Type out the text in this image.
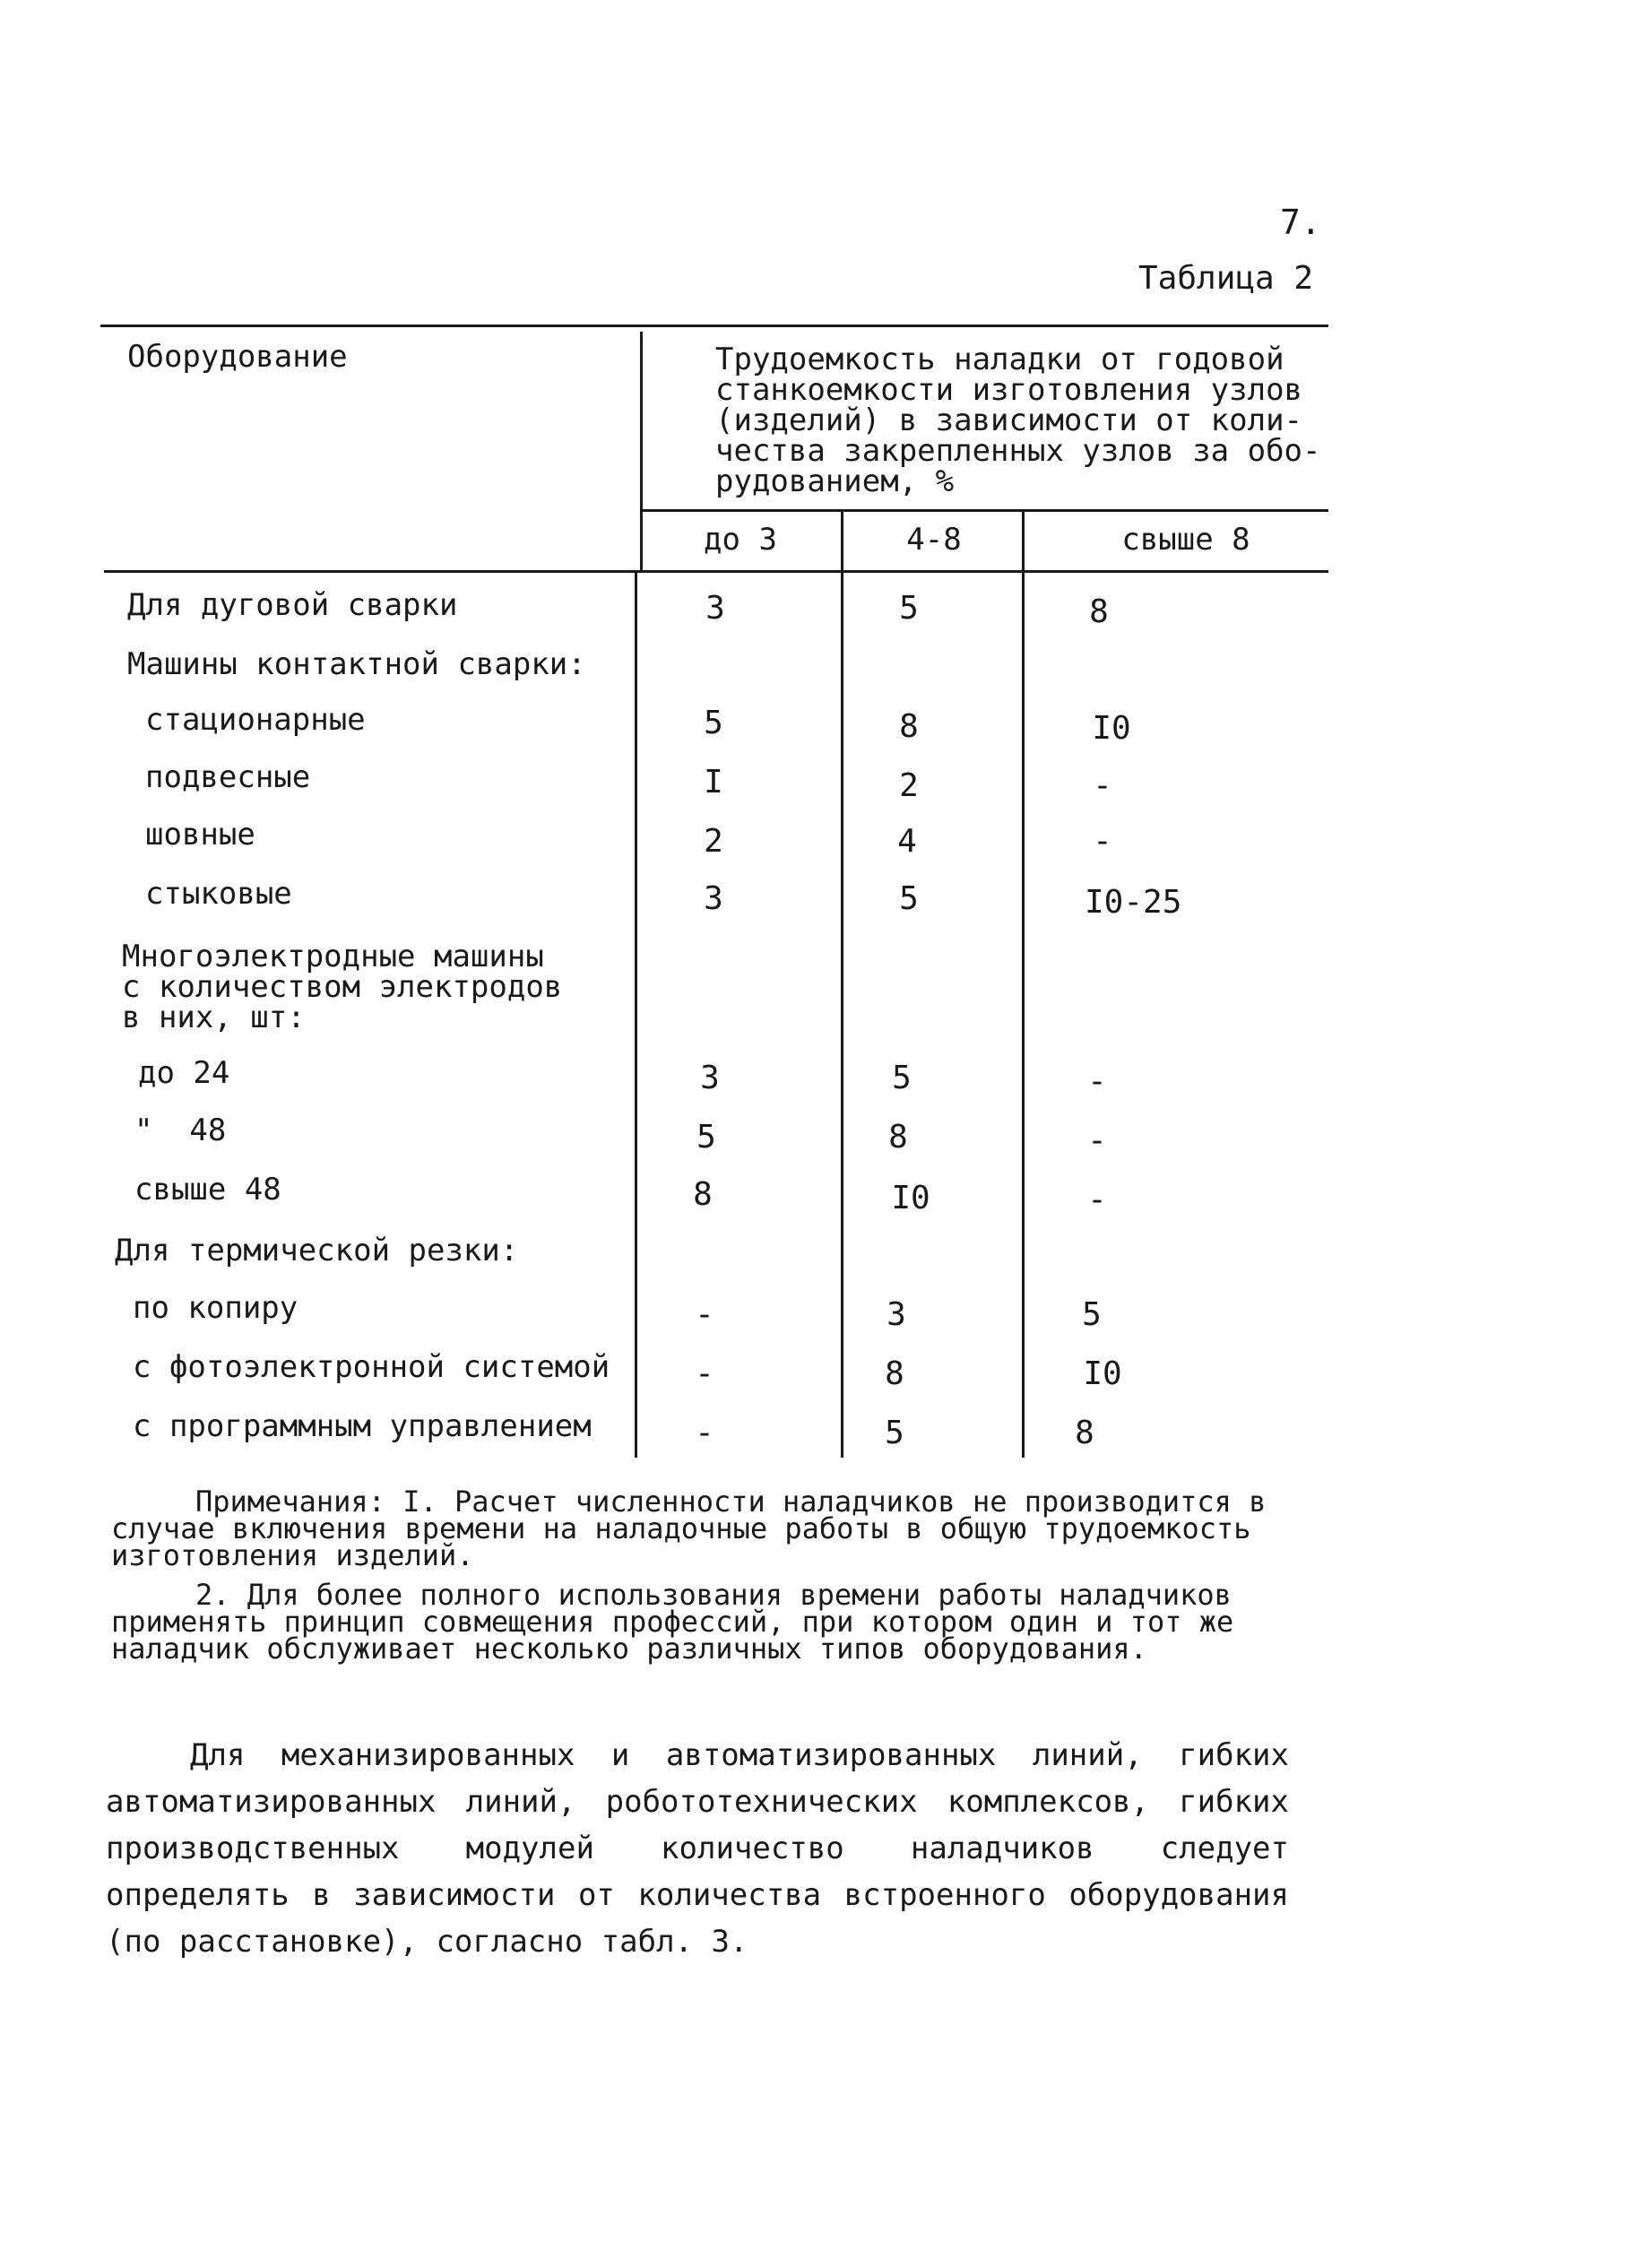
7.
Таблица 2
Оборудование	Трудоемкость наладки от годовой
станкоемкости изготовления узлов
(изделий) в зависимости от коли-
чества закрепленных узлов за обо-
рудованием, %
до 3	4-8	свыше 8
Для дуговой сварки	3	5	8
Машины контактной сварки:
стационарные	5	8	I0
подвесные	I	2	-
шовные	2	4	-
стыковые	3	5	I0-25
Многоэлектродные машины
с количеством электродов
в них, шт:
до 24	3	5	-
"  48	5	8	-
свыше 48	8	I0	-
Для термической резки:
по копиру	-	3	5
с фотоэлектронной системой	-	8	I0
с программным управлением	-	5	8

Примечания: I. Расчет численности наладчиков не производится в случае включения времени на наладочные работы в общую трудоемкость изготовления изделий.

2. Для более полного использования времени работы наладчиков применять принцип совмещения профессий, при котором один и тот же наладчик обслуживает несколько различных типов оборудования.

Для механизированных и автоматизированных линий, гибких автоматизированных линий, робототехнических комплексов, гибких производственных модулей количество наладчиков следует определять в зависимости от количества встроенного оборудования (по расстановке), согласно табл. 3.
